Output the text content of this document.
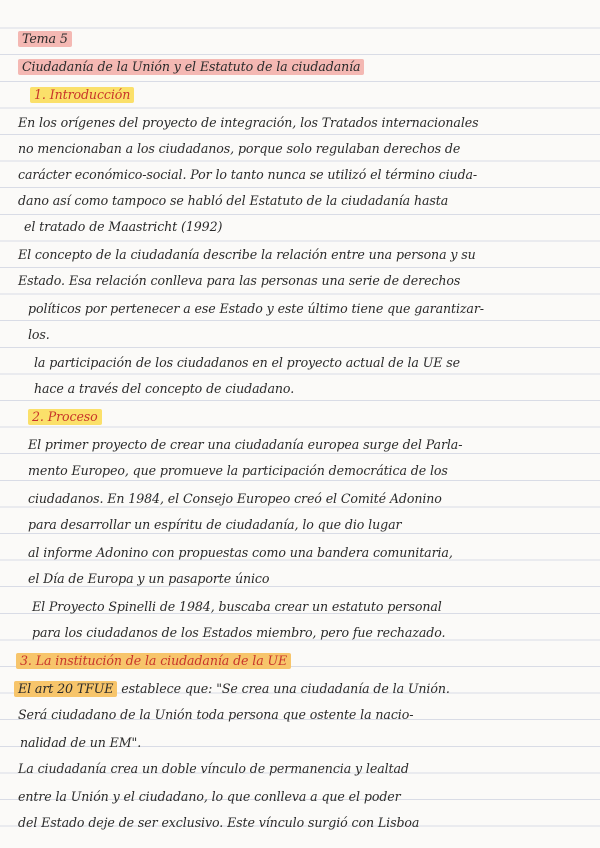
Tema 5
Ciudadanía de la Unión y el Estatuto de la ciudadanía
1. Introducción
En los orígenes del proyecto de integración, los Tratados internacionales
no mencionaban a los ciudadanos, porque solo regulaban derechos de
carácter económico-social. Por lo tanto nunca se utilizó el término ciuda-
dano así como tampoco se habló del Estatuto de la ciudadanía hasta
el tratado de Maastricht (1992)
El concepto de la ciudadanía describe la relación entre una persona y su
Estado. Esa relación conlleva para las personas una serie de derechos
políticos por pertenecer a ese Estado y este último tiene que garantizar-
los.
la participación de los ciudadanos en el proyecto actual de la UE se
hace a través del concepto de ciudadano.
2. Proceso
El primer proyecto de crear una ciudadanía europea surge del Parla-
mento Europeo, que promueve la participación democrática de los
ciudadanos. En 1984, el Consejo Europeo creó el Comité Adonino
para desarrollar un espíritu de ciudadanía, lo que dio lugar
al informe Adonino con propuestas como una bandera comunitaria,
el Día de Europa y un pasaporte único
El Proyecto Spinelli de 1984, buscaba crear un estatuto personal
para los ciudadanos de los Estados miembro, pero fue rechazado.
3. La institución de la ciudadanía de la UE
El art 20 TFUE establece que: "Se crea una ciudadanía de la Unión.
Será ciudadano de la Unión toda persona que ostente la nacio-
nalidad de un EM".
La ciudadanía crea un doble vínculo de permanencia y lealtad
entre la Unión y el ciudadano, lo que conlleva a que el poder
del Estado deje de ser exclusivo. Este vínculo surgió con Lisboa
